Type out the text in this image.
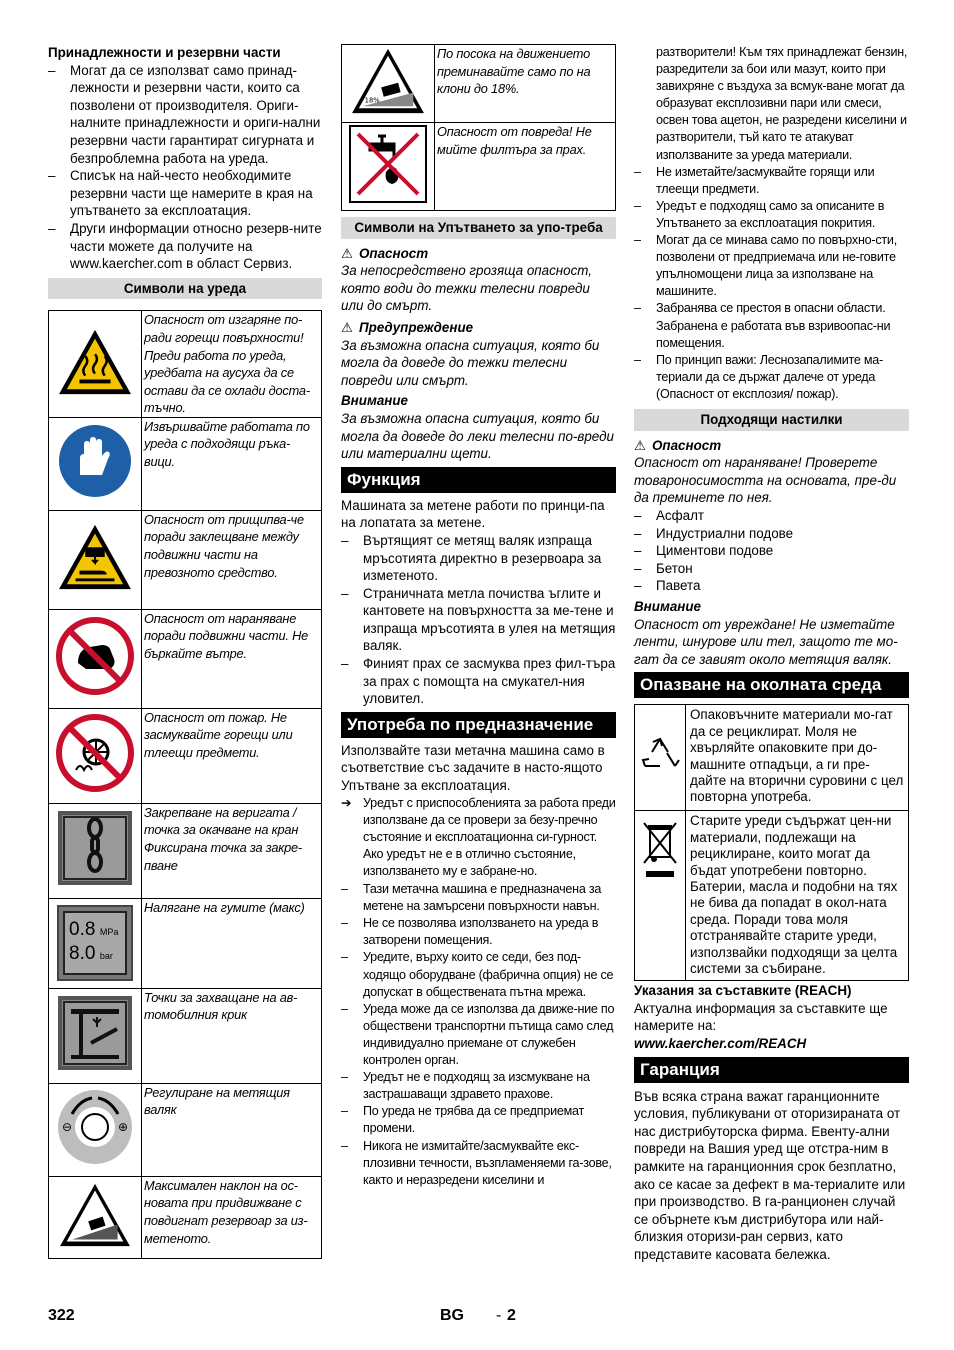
Принадлежности и резервни части

– Могат да се използват само принад-лежности и резервни части, които са позволени от производителя. Ориги-налните принадлежности и ориги-нални резервни части гарантират сигурната и безпроблемна работа на уреда.
– Списък на най-често необходимите резервни части ще намерите в края на упътването за експлоатация.
– Други информации относно резерв-ните части можете да получите на www.kaercher.com в област Сервиз.
Символи на уреда
	Опасност от изгаряне по-ради горещи повърхности! Преди работа по уреда, уредбата на аусуха да се остави да се охлади доста-тъчно.
	Извършвайте работата по уреда с подходящи ръка-вици.
	Опасност от прищипва-че поради заклещване между подвижни части на превозното средство.
	Опасност от нараняване поради подвижни части. Не бъркайте вътре.
	Опасност от пожар. Не засмуквайте горещи или тлеещи предмети.
	Закрепване на веригата / точка за окачване на кран Фиксирана точка за закре-пване

0.8 MPa
8.0 bar	Налягане на гумите (макс)
	Точки за захващане на ав-томобилния крик

⊖ ⊕	Регулиране на метящия валяк
	Максимален наклон на ос-новата при придвижване с повдигнат резервоар за из-метеното.
18%	По посока на движението преминавайте само по на клони до 18%.
	Опасност от повреда! Не мийте филтъра за прах.
Символи на Упътването за упо-треба
⚠ Опасност

За непосредствено грозяща опасност, която води до тежки телесни повреди или до смърт.

⚠ Предупреждение

За възможна опасна ситуация, която би могла да доведе до тежки телесни повреди или смърт.

Внимание

За възможна опасна ситуация, която би могла да доведе до леки телесни по-вреди или материални щети.

Функция

Машината за метене работи по принци-па на лопатата за метене.

– Въртящият се метящ валяк изпраща мръсотията директно в резервоара за изметеното.
– Страничната метла почиства ъглите и кантовете на повърхността за ме-тене и изпраща мръсотията в улея на метящия валяк.
– Финият прах се засмуква през фил-търа за прах с помощта на смукател-ния уловител.
Употреба по предназначение

Използвайте тази метачна машина само в съответствие със задачите в насто-ящото Упътване за експлоатация.

➔ Уредът с приспособленията за работа преди използване да се провери за безу-пречно състояние и експлоатационна си-гурност. Ако уредът не е в отлично състояние, използването му е забране-но.
– Тази метачна машина е предназначена за метене на замърсени повърхности навън.
– Не се позволява използването на уреда в затворени помещения.
– Уредите, върху които се седи, без под-ходящо оборудване (фабрична опция) не се допускат в обществената пътна мрежа.
– Уреда може да се използва да движе-ние по обществени транспортни пътища само след индивидуално приемане от служебен контролен орган.
– Уредът не е подходящ за изсмукване на застрашаващи здравето прахове.
– По уреда не трябва да се предприемат промени.
– Никога не измитайте/засмуквайте екс-плозивни течности, възпламеняеми га-зове, както и неразредени киселини и

разтворители! Към тях принадлежат бензин, разредители за бои или мазут, които при завихряне с въздуха за всмук-ване могат да образуват експлозивни пари или смеси, освен това ацетон, не разредени киселини и разтворители, тъй като те атакуват използваните за уреда материали.

– Не изметайте/засмуквайте горящи или тлеещи предмети.
– Уредът е подходящ само за описаните в Упътването за експлоатация покрития.
– Могат да се минава само по повърхно-сти, позволени от предприемача или не-говите упълномощени лица за използване на машините.
– Забранява се престоя в опасни области. Забранена е работата във взривоопас-ни помещения.
– По принцип важи: Леснозапалимите ма-териали да се държат далече от уреда (Опасност от експлозия/ пожар).
Подходящи настилки
⚠ Опасност

Опасност от нараняване! Проверете товароносимостта на основата, пре-ди да преминете по нея.

– Асфалт
– Индустриални подове
– Циментови подове
– Бетон
– Павета
Внимание

Опасност от увреждане! Не изметайте ленти, шнурове или тел, защото те мо-гат да се завият около метящия валяк.

Опазване на околната среда
	Опаковъчните материали мо-гат да се рециклират. Моля не хвърляйте опаковките при до-машните отпадъци, а ги пре-дайте на вторични суровини с цел повторна употреба.
	Старите уреди съдържат цен-ни материали, подлежащи на рециклиране, които могат да бъдат употребени повторно. Батерии, масла и подобни на тях не бива да попадат в окол-ната среда. Поради това моля отстранявайте старите уреди, използвайки подходящи за целта системи за събиране.

Указания за съставките (REACH)

Актуална информация за съставките ще намерите на:

www.kaercher.com/REACH

Гаранция

Във всяка страна важат гаранционните условия, публикувани от оторизираната от нас дистрибуторска фирма. Евенту-ални повреди на Вашия уред ще отстра-ним в рамките на гаранционния срок безплатно, ако се касае за дефект в ма-териалите или при производство. В га-ранционен случай се обърнете към дистрибутора или най-близкия оторизи-ран сервиз, като представите касовата бележка.

322	BG - 2
